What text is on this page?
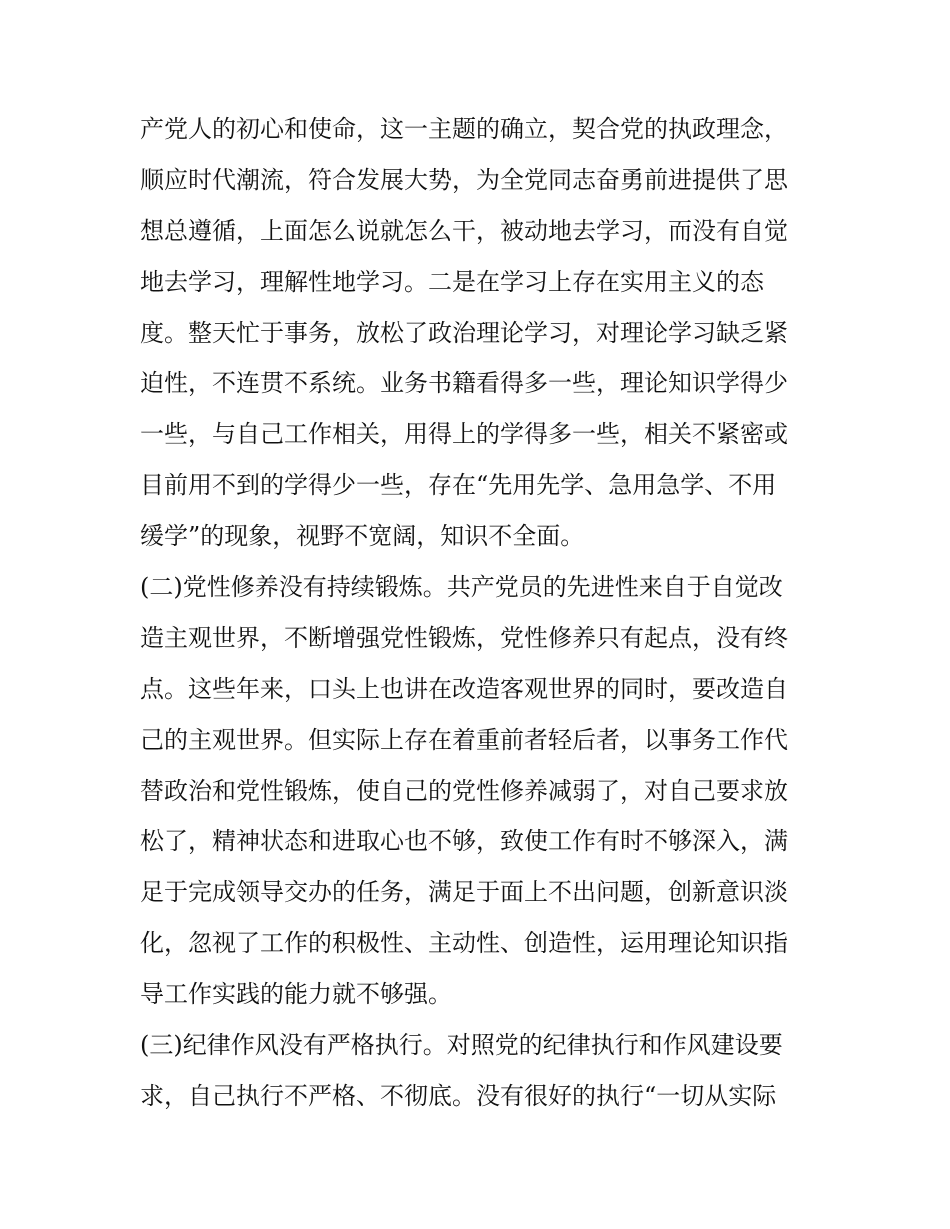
产党人的初心和使命，这一主题的确立，契合党的执政理念，
顺应时代潮流，符合发展大势，为全党同志奋勇前进提供了思
想总遵循，上面怎么说就怎么干，被动地去学习，而没有自觉
地去学习，理解性地学习。二是在学习上存在实用主义的态
度。整天忙于事务，放松了政治理论学习，对理论学习缺乏紧
迫性，不连贯不系统。业务书籍看得多一些，理论知识学得少
一些，与自己工作相关，用得上的学得多一些，相关不紧密或
目前用不到的学得少一些，存在“先用先学、急用急学、不用
缓学”的现象，视野不宽阔，知识不全面。
(二)党性修养没有持续锻炼。共产党员的先进性来自于自觉改
造主观世界，不断增强党性锻炼，党性修养只有起点，没有终
点。这些年来，口头上也讲在改造客观世界的同时，要改造自
己的主观世界。但实际上存在着重前者轻后者，以事务工作代
替政治和党性锻炼，使自己的党性修养减弱了，对自己要求放
松了，精神状态和进取心也不够，致使工作有时不够深入，满
足于完成领导交办的任务，满足于面上不出问题，创新意识淡
化，忽视了工作的积极性、主动性、创造性，运用理论知识指
导工作实践的能力就不够强。
(三)纪律作风没有严格执行。对照党的纪律执行和作风建设要
求，自己执行不严格、不彻底。没有很好的执行“一切从实际
